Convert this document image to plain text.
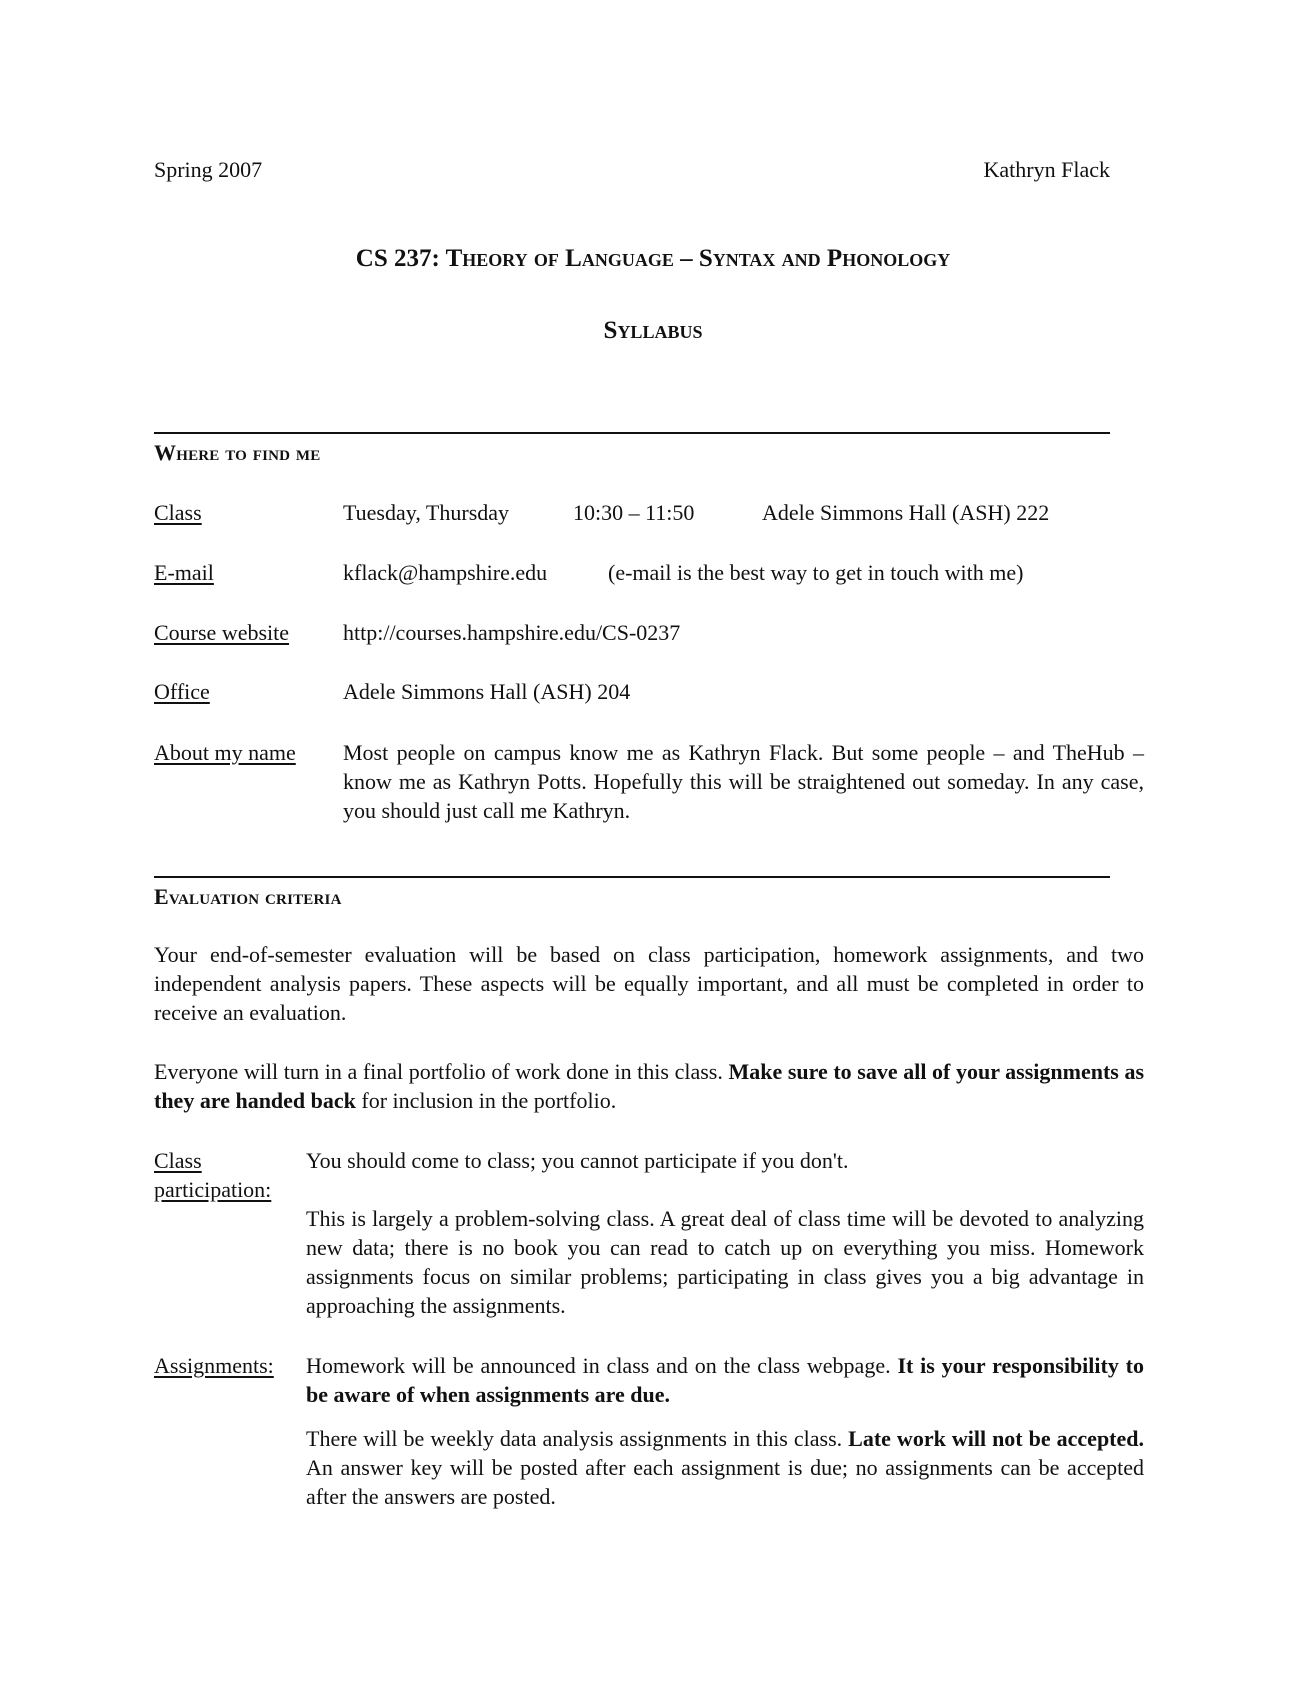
Spring 2007	Kathryn Flack
CS 237: Theory of Language – Syntax and Phonology
Syllabus
Where to find me
Class	Tuesday, Thursday	10:30 – 11:50	Adele Simmons Hall (ASH) 222
E-mail	kflack@hampshire.edu	(e-mail is the best way to get in touch with me)
Course website http://courses.hampshire.edu/CS-0237
Office	Adele Simmons Hall (ASH) 204
About my name Most people on campus know me as Kathryn Flack. But some people – and TheHub – know me as Kathryn Potts. Hopefully this will be straightened out someday. In any case, you should just call me Kathryn.
Evaluation criteria
Your end-of-semester evaluation will be based on class participation, homework assignments, and two independent analysis papers. These aspects will be equally important, and all must be completed in order to receive an evaluation.
Everyone will turn in a final portfolio of work done in this class. Make sure to save all of your assignments as they are handed back for inclusion in the portfolio.
Class
participation:
You should come to class; you cannot participate if you don't.
This is largely a problem-solving class. A great deal of class time will be devoted to analyzing new data; there is no book you can read to catch up on everything you miss. Homework assignments focus on similar problems; participating in class gives you a big advantage in approaching the assignments.
Assignments: Homework will be announced in class and on the class webpage. It is your responsibility to be aware of when assignments are due.
There will be weekly data analysis assignments in this class. Late work will not be accepted. An answer key will be posted after each assignment is due; no assignments can be accepted after the answers are posted.
